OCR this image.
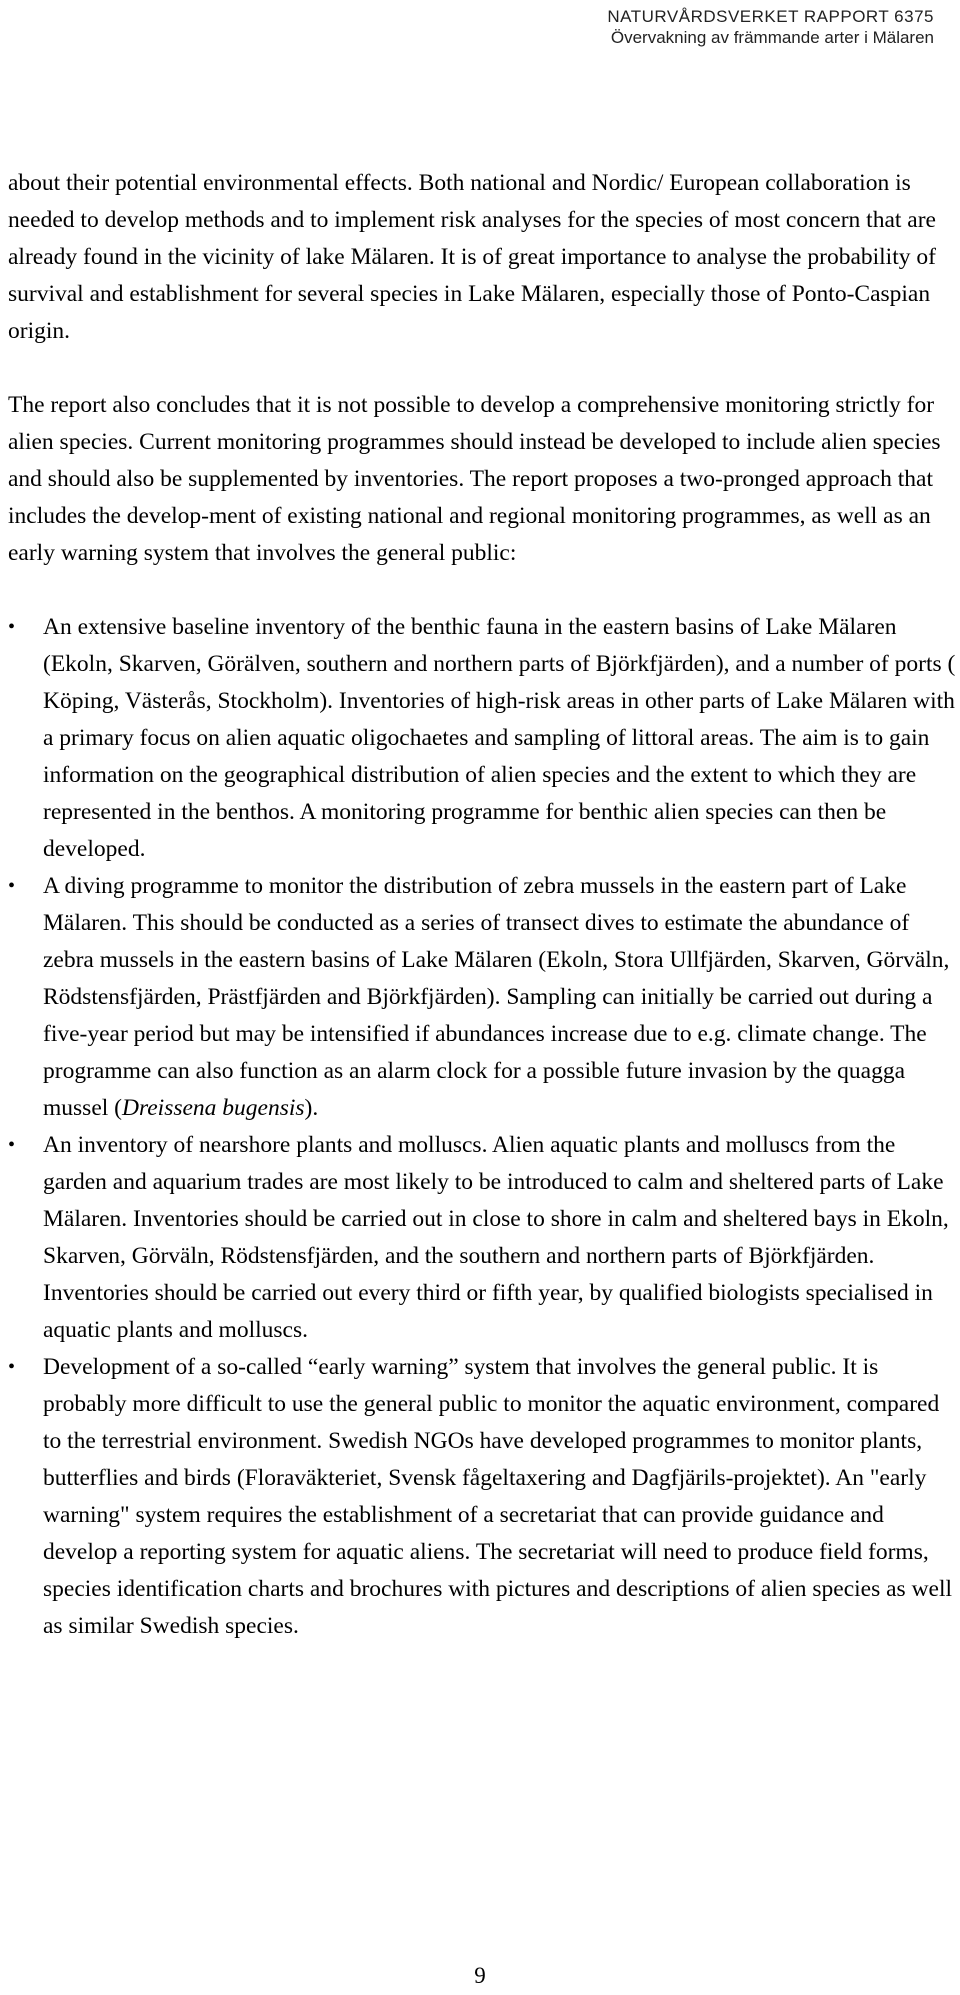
NATURVÅRDSVERKET RAPPORT 6375
Övervakning av främmande arter i Mälaren

about their potential environmental effects. Both national and Nordic/ European collaboration is needed to develop methods and to implement risk analyses for the species of most concern that are already found in the vicinity of lake Mälaren. It is of great importance to analyse the probability of survival and establishment for several species in Lake Mälaren, especially those of Ponto-Caspian origin.

The report also concludes that it is not possible to develop a comprehensive monitoring strictly for alien species. Current monitoring programmes should instead be developed to include alien species and should also be supplemented by inventories. The report proposes a two-pronged approach that includes the develop-ment of existing national and regional monitoring programmes, as well as an early warning system that involves the general public:

•	An extensive baseline inventory of the benthic fauna in the eastern basins of Lake Mälaren (Ekoln, Skarven, Görälven, southern and northern parts of Björkfjärden), and a number of ports ( Köping, Västerås, Stockholm). Inventories of high-risk areas in other parts of Lake Mälaren with a primary focus on alien aquatic oligochaetes and sampling of littoral areas. The aim is to gain information on the geographical distribution of alien species and the extent to which they are represented in the benthos. A monitoring programme for benthic alien species can then be developed.
•	A diving programme to monitor the distribution of zebra mussels in the eastern part of Lake Mälaren. This should be conducted as a series of transect dives to estimate the abundance of zebra mussels in the eastern basins of Lake Mälaren (Ekoln, Stora Ullfjärden, Skarven, Görväln, Rödstensfjärden, Prästfjärden and Björkfjärden). Sampling can initially be carried out during a five-year period but may be intensified if abundances increase due to e.g. climate change. The programme can also function as an alarm clock for a possible future invasion by the quagga mussel (Dreissena bugensis).
•	An inventory of nearshore plants and molluscs. Alien aquatic plants and molluscs from the garden and aquarium trades are most likely to be introduced to calm and sheltered parts of Lake Mälaren. Inventories should be carried out in close to shore in calm and sheltered bays in Ekoln, Skarven, Görväln, Rödstensfjärden, and the southern and northern parts of Björkfjärden. Inventories should be carried out every third or fifth year, by qualified biologists specialised in aquatic plants and molluscs.
•	Development of a so-called “early warning” system that involves the general public. It is probably more difficult to use the general public to monitor the aquatic environment, compared to the terrestrial environment. Swedish NGOs have developed programmes to monitor plants, butterflies and birds (Floraväkteriet, Svensk fågeltaxering and Dagfjärils-projektet). An "early warning" system requires the establishment of a secretariat that can provide guidance and develop a reporting system for aquatic aliens. The secretariat will need to produce field forms, species identification charts and brochures with pictures and descriptions of alien species as well as similar Swedish species.
9
